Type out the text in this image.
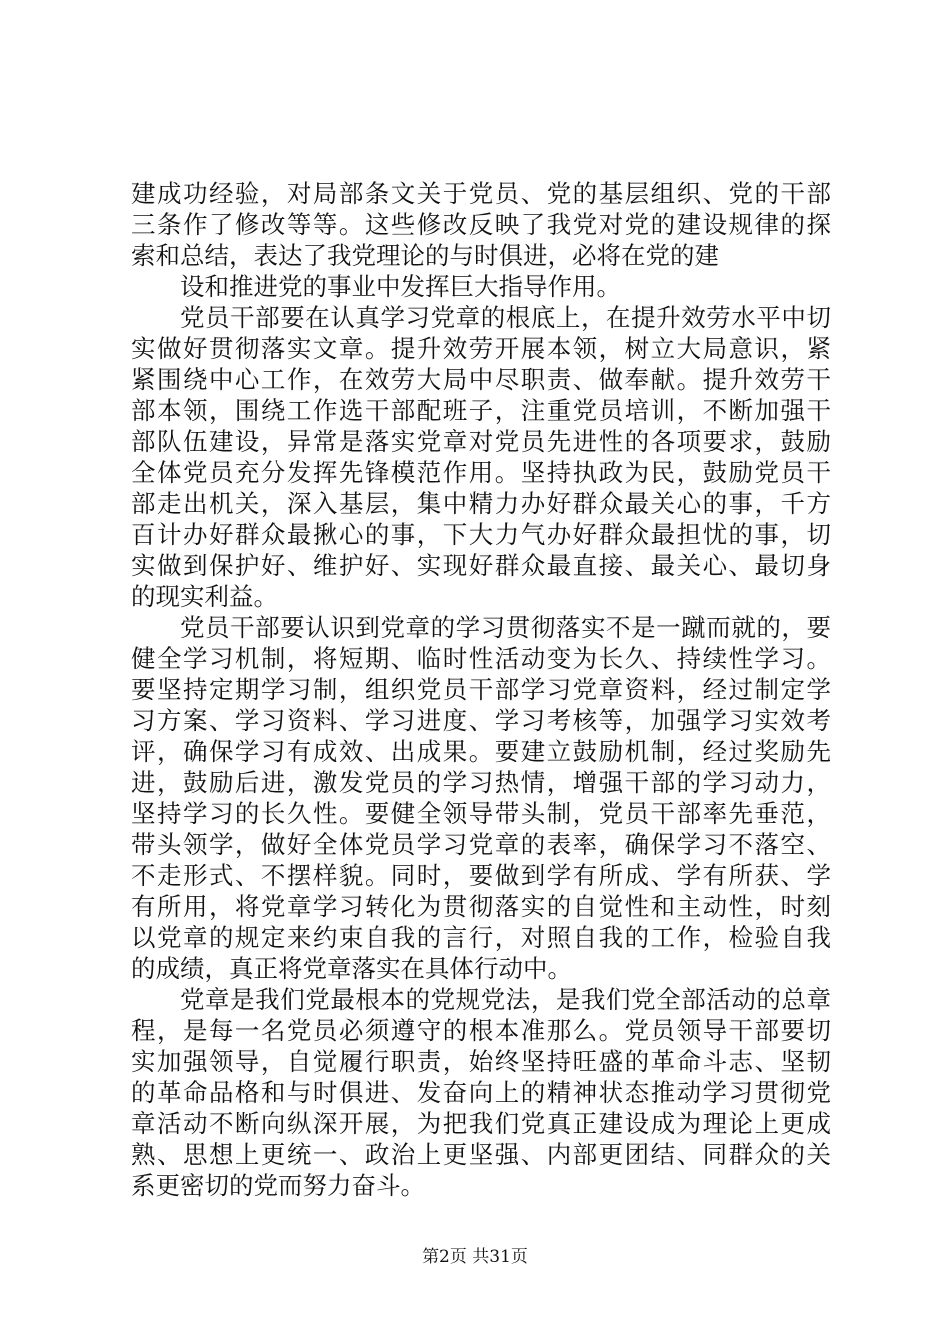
建成功经验，对局部条文关于党员、党的基层组织、党的干部
三条作了修改等等。这些修改反映了我党对党的建设规律的探
索和总结，表达了我党理论的与时俱进，必将在党的建
设和推进党的事业中发挥巨大指导作用。
党员干部要在认真学习党章的根底上，在提升效劳水平中切
实做好贯彻落实文章。提升效劳开展本领，树立大局意识，紧
紧围绕中心工作，在效劳大局中尽职责、做奉献。提升效劳干
部本领，围绕工作选干部配班子，注重党员培训，不断加强干
部队伍建设，异常是落实党章对党员先进性的各项要求，鼓励
全体党员充分发挥先锋模范作用。坚持执政为民，鼓励党员干
部走出机关，深入基层，集中精力办好群众最关心的事，千方
百计办好群众最揪心的事，下大力气办好群众最担忧的事，切
实做到保护好、维护好、实现好群众最直接、最关心、最切身
的现实利益。
党员干部要认识到党章的学习贯彻落实不是一蹴而就的，要
健全学习机制，将短期、临时性活动变为长久、持续性学习。
要坚持定期学习制，组织党员干部学习党章资料，经过制定学
习方案、学习资料、学习进度、学习考核等，加强学习实效考
评，确保学习有成效、出成果。要建立鼓励机制，经过奖励先
进，鼓励后进，激发党员的学习热情，增强干部的学习动力，
坚持学习的长久性。要健全领导带头制，党员干部率先垂范，
带头领学，做好全体党员学习党章的表率，确保学习不落空、
不走形式、不摆样貌。同时，要做到学有所成、学有所获、学
有所用，将党章学习转化为贯彻落实的自觉性和主动性，时刻
以党章的规定来约束自我的言行，对照自我的工作，检验自我
的成绩，真正将党章落实在具体行动中。
党章是我们党最根本的党规党法，是我们党全部活动的总章
程，是每一名党员必须遵守的根本准那么。党员领导干部要切
实加强领导，自觉履行职责，始终坚持旺盛的革命斗志、坚韧
的革命品格和与时俱进、发奋向上的精神状态推动学习贯彻党
章活动不断向纵深开展，为把我们党真正建设成为理论上更成
熟、思想上更统一、政治上更坚强、内部更团结、同群众的关
系更密切的党而努力奋斗。
第2页 共31页
